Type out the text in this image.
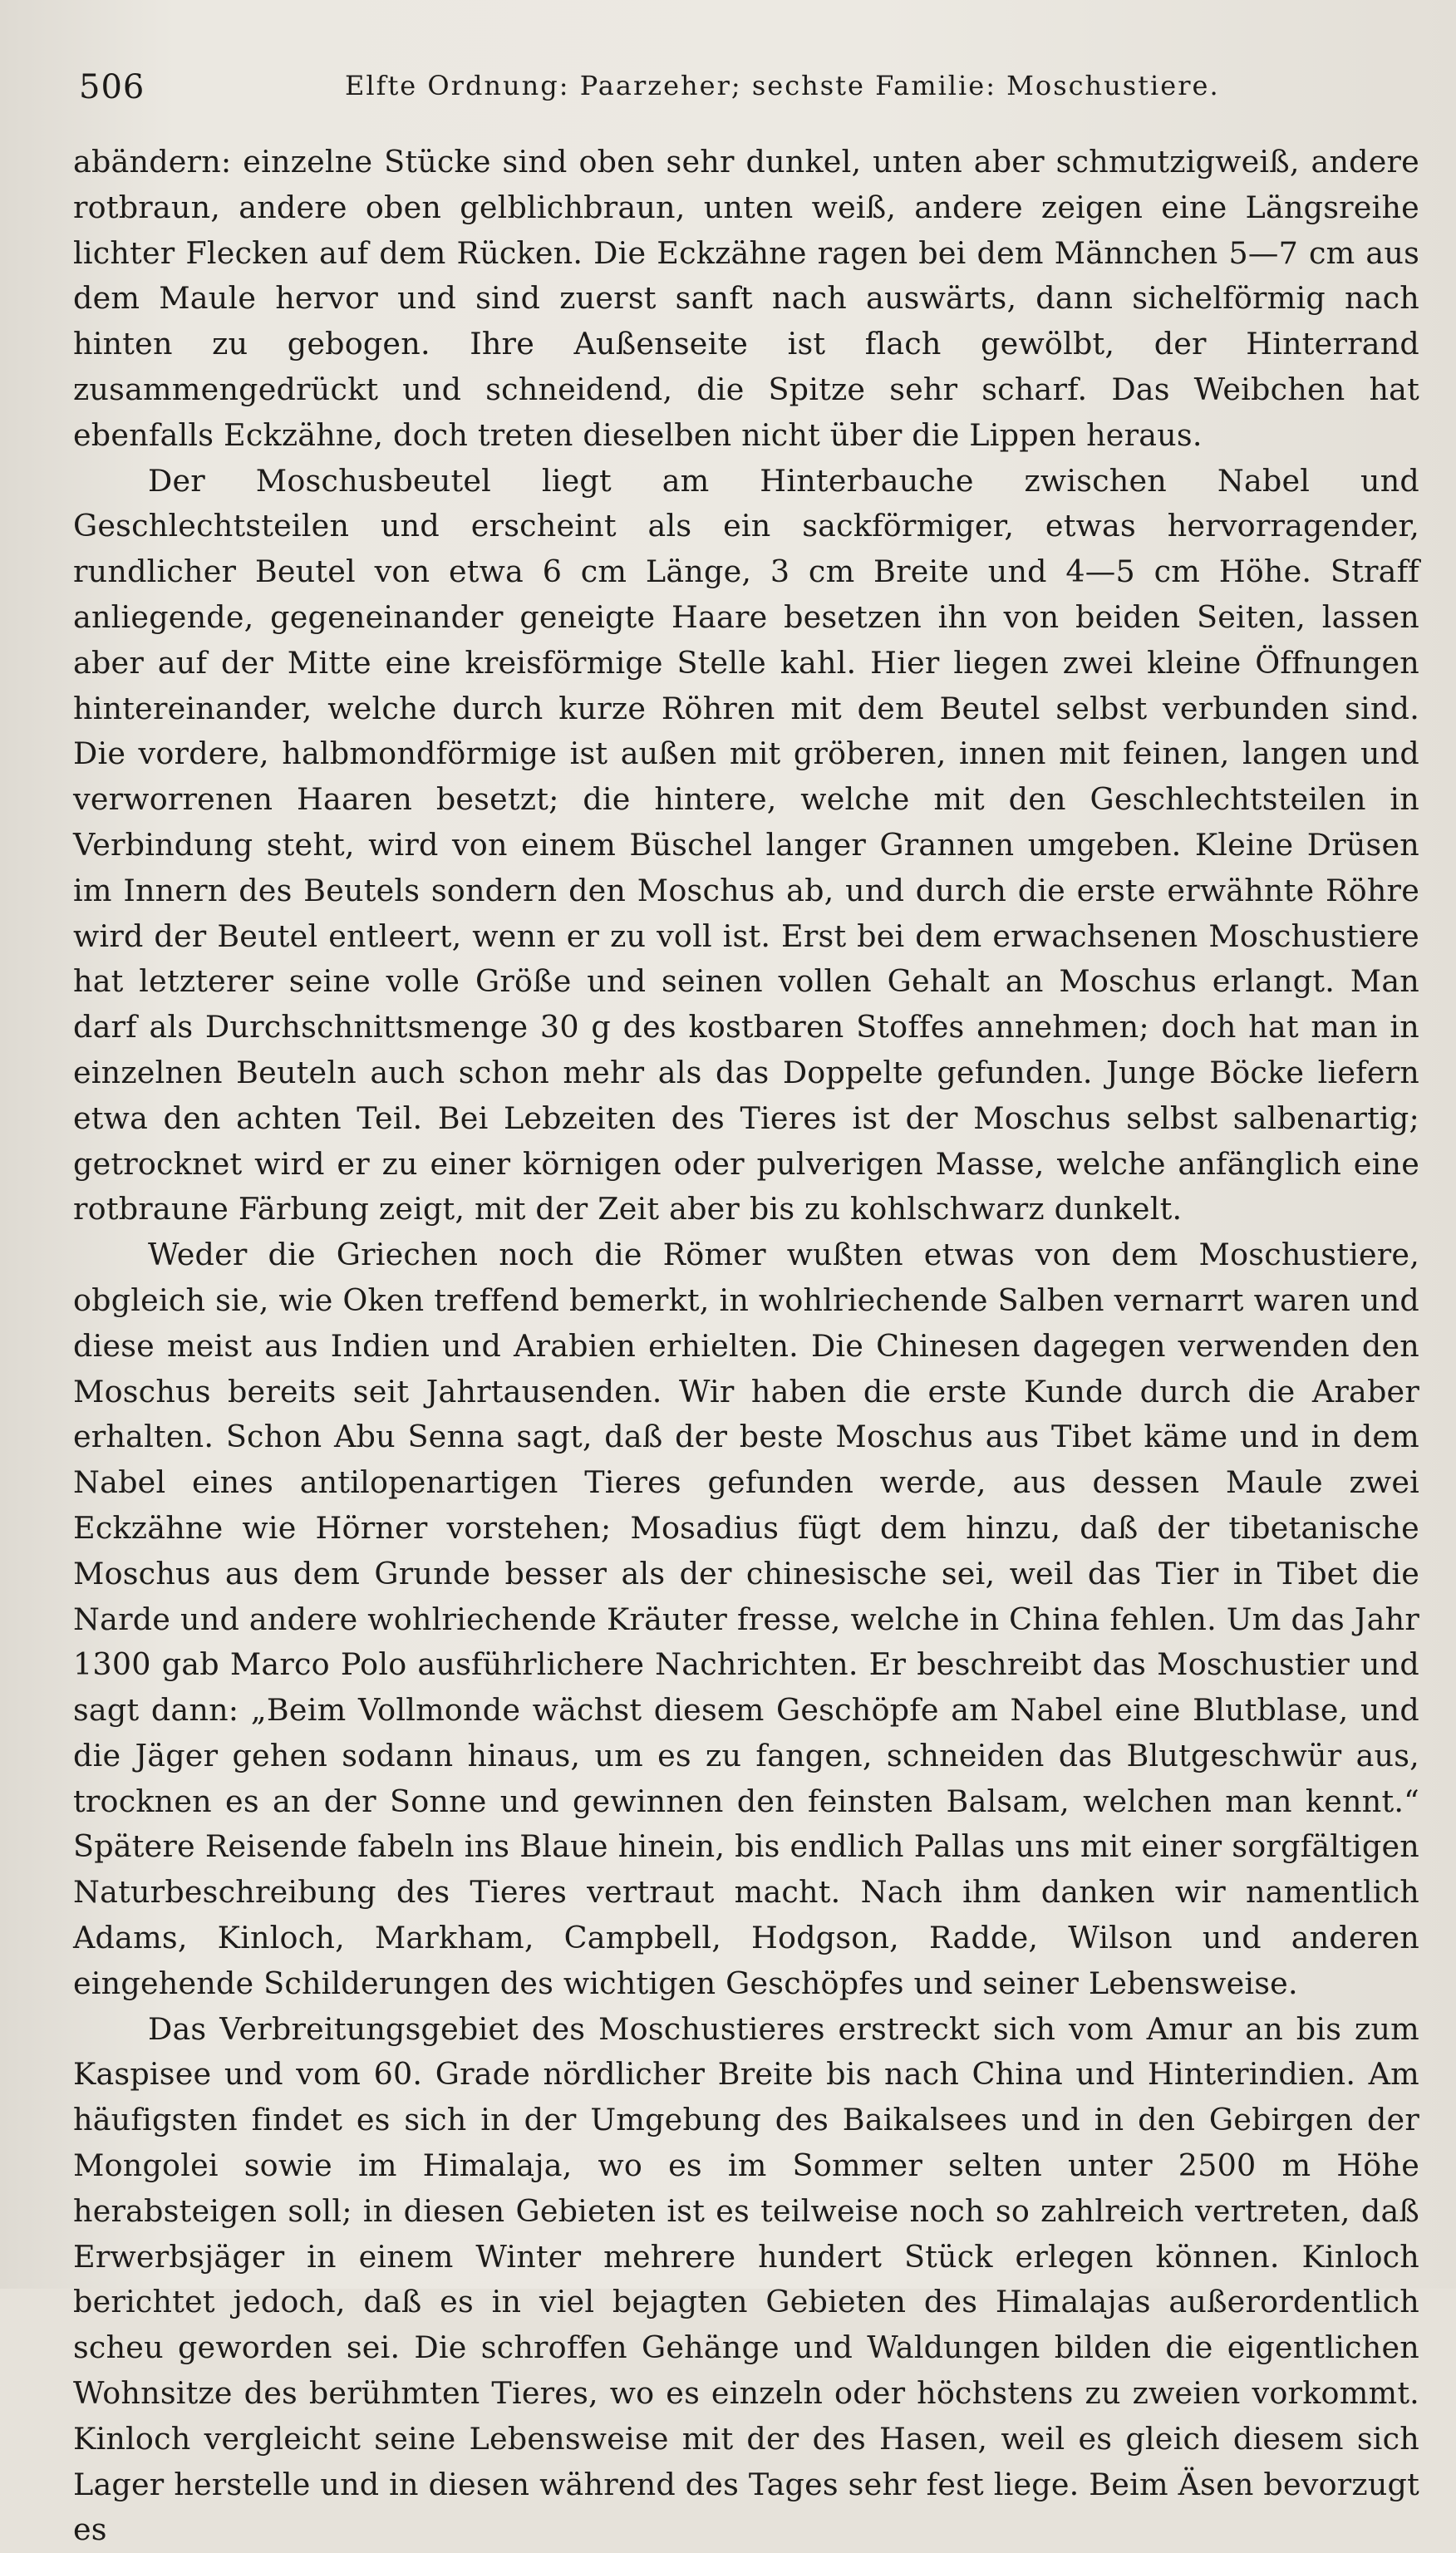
506	Elfte Ordnung: Paarzeher; sechste Familie: Moschustiere.

abändern: einzelne Stücke sind oben sehr dunkel, unten aber schmutzigweiß, andere rotbraun, andere oben gelblichbraun, unten weiß, andere zeigen eine Längsreihe lichter Flecken auf dem Rücken. Die Eckzähne ragen bei dem Männchen 5—7 cm aus dem Maule hervor und sind zuerst sanft nach auswärts, dann sichelförmig nach hinten zu gebogen. Ihre Außenseite ist flach gewölbt, der Hinterrand zusammengedrückt und schneidend, die Spitze sehr scharf. Das Weibchen hat ebenfalls Eckzähne, doch treten dieselben nicht über die Lippen heraus.

Der Moschusbeutel liegt am Hinterbauche zwischen Nabel und Geschlechtsteilen und erscheint als ein sackförmiger, etwas hervorragender, rundlicher Beutel von etwa 6 cm Länge, 3 cm Breite und 4—5 cm Höhe. Straff anliegende, gegeneinander geneigte Haare besetzen ihn von beiden Seiten, lassen aber auf der Mitte eine kreisförmige Stelle kahl. Hier liegen zwei kleine Öffnungen hintereinander, welche durch kurze Röhren mit dem Beutel selbst verbunden sind. Die vordere, halbmondförmige ist außen mit gröberen, innen mit feinen, langen und verworrenen Haaren besetzt; die hintere, welche mit den Geschlechtsteilen in Verbindung steht, wird von einem Büschel langer Grannen umgeben. Kleine Drüsen im Innern des Beutels sondern den Moschus ab, und durch die erste erwähnte Röhre wird der Beutel entleert, wenn er zu voll ist. Erst bei dem erwachsenen Moschustiere hat letzterer seine volle Größe und seinen vollen Gehalt an Moschus erlangt. Man darf als Durchschnittsmenge 30 g des kostbaren Stoffes annehmen; doch hat man in einzelnen Beuteln auch schon mehr als das Doppelte gefunden. Junge Böcke liefern etwa den achten Teil. Bei Lebzeiten des Tieres ist der Moschus selbst salbenartig; getrocknet wird er zu einer körnigen oder pulverigen Masse, welche anfänglich eine rotbraune Färbung zeigt, mit der Zeit aber bis zu kohlschwarz dunkelt.

Weder die Griechen noch die Römer wußten etwas von dem Moschustiere, obgleich sie, wie Oken treffend bemerkt, in wohlriechende Salben vernarrt waren und diese meist aus Indien und Arabien erhielten. Die Chinesen dagegen verwenden den Moschus bereits seit Jahrtausenden. Wir haben die erste Kunde durch die Araber erhalten. Schon Abu Senna sagt, daß der beste Moschus aus Tibet käme und in dem Nabel eines antilopenartigen Tieres gefunden werde, aus dessen Maule zwei Eckzähne wie Hörner vorstehen; Mosadius fügt dem hinzu, daß der tibetanische Moschus aus dem Grunde besser als der chinesische sei, weil das Tier in Tibet die Narde und andere wohlriechende Kräuter fresse, welche in China fehlen. Um das Jahr 1300 gab Marco Polo ausführlichere Nachrichten. Er beschreibt das Moschustier und sagt dann: „Beim Vollmonde wächst diesem Geschöpfe am Nabel eine Blutblase, und die Jäger gehen sodann hinaus, um es zu fangen, schneiden das Blutgeschwür aus, trocknen es an der Sonne und gewinnen den feinsten Balsam, welchen man kennt.“ Spätere Reisende fabeln ins Blaue hinein, bis endlich Pallas uns mit einer sorgfältigen Naturbeschreibung des Tieres vertraut macht. Nach ihm danken wir namentlich Adams, Kinloch, Markham, Campbell, Hodgson, Radde, Wilson und anderen eingehende Schilderungen des wichtigen Geschöpfes und seiner Lebensweise.

Das Verbreitungsgebiet des Moschustieres erstreckt sich vom Amur an bis zum Kaspisee und vom 60. Grade nördlicher Breite bis nach China und Hinterindien. Am häufigsten findet es sich in der Umgebung des Baikalsees und in den Gebirgen der Mongolei sowie im Himalaja, wo es im Sommer selten unter 2500 m Höhe herabsteigen soll; in diesen Gebieten ist es teilweise noch so zahlreich vertreten, daß Erwerbsjäger in einem Winter mehrere hundert Stück erlegen können. Kinloch berichtet jedoch, daß es in viel bejagten Gebieten des Himalajas außerordentlich scheu geworden sei. Die schroffen Gehänge und Waldungen bilden die eigentlichen Wohnsitze des berühmten Tieres, wo es einzeln oder höchstens zu zweien vorkommt. Kinloch vergleicht seine Lebensweise mit der des Hasen, weil es gleich diesem sich Lager herstelle und in diesen während des Tages sehr fest liege. Beim Äsen bevorzugt es
